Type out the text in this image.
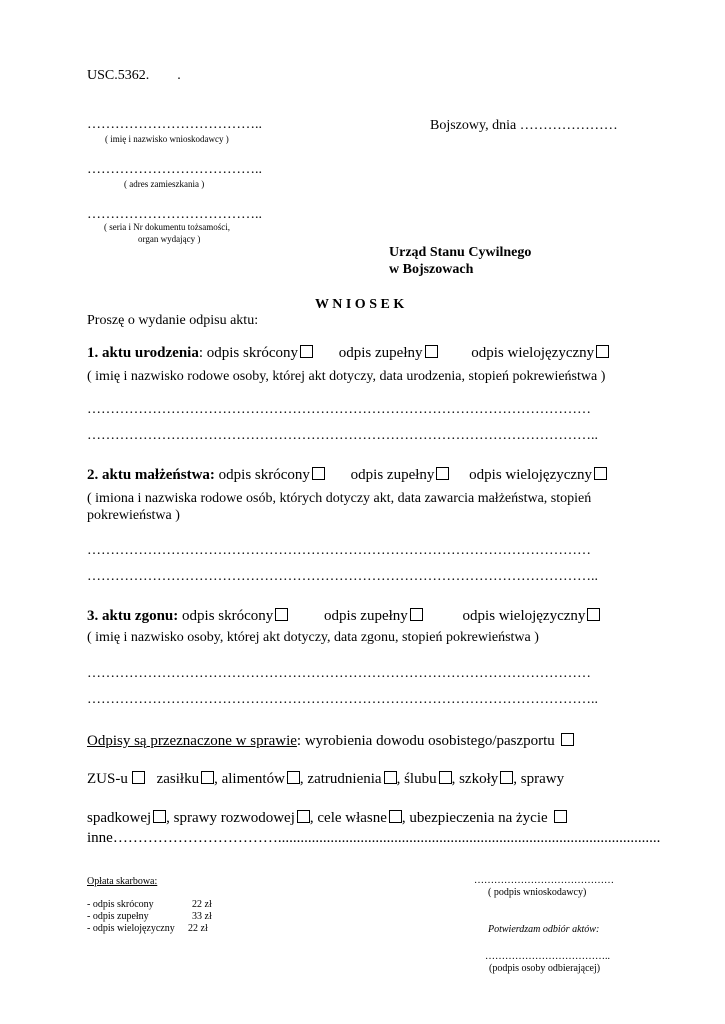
USC.5362. .
………………………………..
( imię i nazwisko wnioskodawcy )
………………………………..
( adres zamieszkania )
………………………………..
( seria i Nr dokumentu tożsamości,
organ wydający )
Bojszowy, dnia …………………
Urząd Stanu Cywilnego
w Bojszowach
W N I O S E K
Proszę o wydanie odpisu aktu:
1. aktu urodzenia: odpis skrócony	odpis zupełny	odpis wielojęzyczny
( imię i nazwisko rodowe osoby, której akt dotyczy, data urodzenia, stopień pokrewieństwa )
………………………………………………………………………………………………
………………………………………………………………………………………………..
2. aktu małżeństwa: odpis skrócony	odpis zupełny odpis wielojęzyczny
( imiona i nazwiska rodowe osób, których dotyczy akt, data zawarcia małżeństwa, stopień
pokrewieństwa )
………………………………………………………………………………………………
………………………………………………………………………………………………..
3. aktu zgonu: odpis skrócony	odpis zupełny	odpis wielojęzyczny
( imię i nazwisko osoby, której akt dotyczy, data zgonu, stopień pokrewieństwa )
………………………………………………………………………………………………
………………………………………………………………………………………………..
Odpisy są przeznaczone w sprawie: wyrobienia dowodu osobistego/paszportu
ZUS-u zasiłku , alimentów , zatrudnienia , ślubu , szkoły , sprawy
spadkowej , sprawy rozwodowej , cele własne , ubezpieczenia na życie
inne……………………………......................................................................................................
Opłata skarbowa:
- odpis skrócony	22 zł
- odpis zupełny	33 zł
- odpis wielojęzyczny 22 zł
……………………………………
( podpis wnioskodawcy)
Potwierdzam odbiór aktów:
………………………………..
(podpis osoby odbierającej)
